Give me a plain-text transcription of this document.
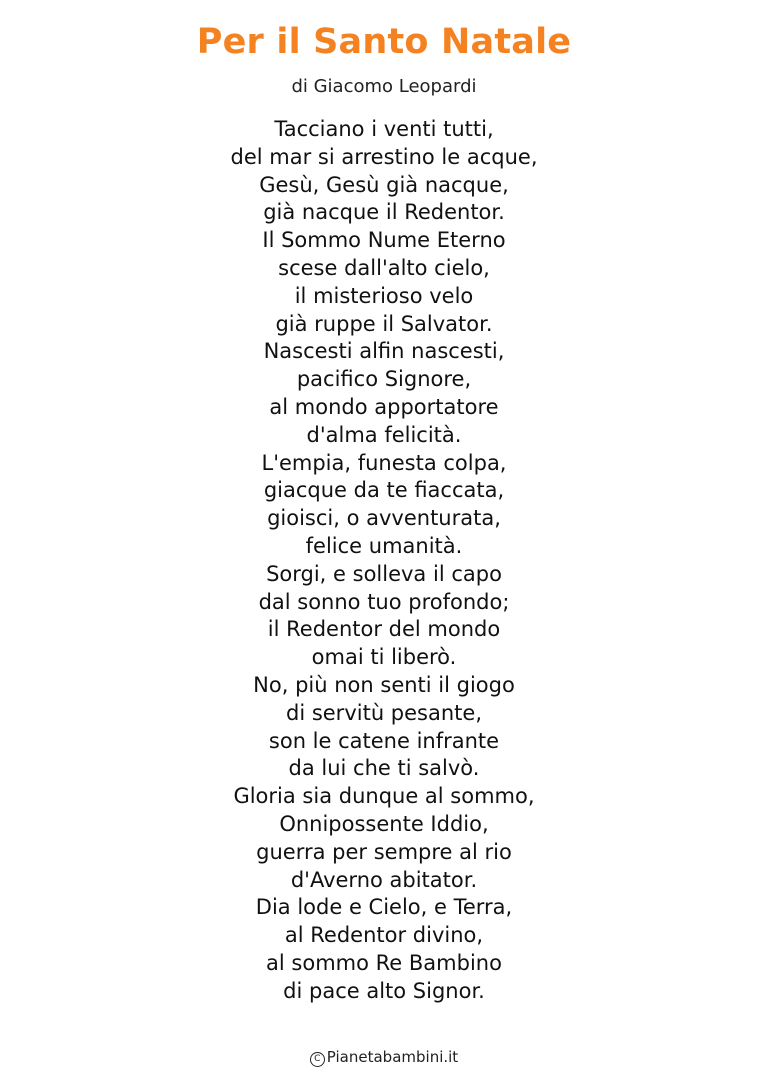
Per il Santo Natale
di Giacomo Leopardi
Tacciano i venti tutti,
del mar si arrestino le acque,
Gesù, Gesù già nacque,
già nacque il Redentor.
Il Sommo Nume Eterno
scese dall'alto cielo,
il misterioso velo
già ruppe il Salvator.
Nascesti alfin nascesti,
pacifico Signore,
al mondo apportatore
d'alma felicità.
L'empia, funesta colpa,
giacque da te fiaccata,
gioisci, o avventurata,
felice umanità.
Sorgi, e solleva il capo
dal sonno tuo profondo;
il Redentor del mondo
omai ti liberò.
No, più non senti il giogo
di servitù pesante,
son le catene infrante
da lui che ti salvò.
Gloria sia dunque al sommo,
Onnipossente Iddio,
guerra per sempre al rio
d'Averno abitator.
Dia lode e Cielo, e Terra,
al Redentor divino,
al sommo Re Bambino
di pace alto Signor.
C Pianetabambini.it
